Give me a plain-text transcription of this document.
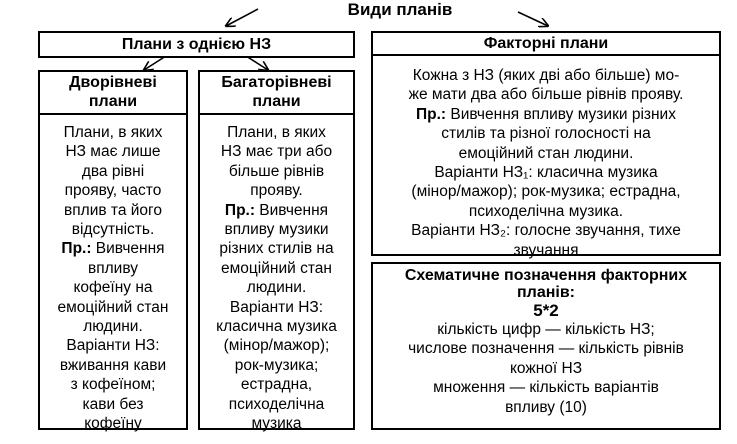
Види планів
Плани з однією НЗ
Дворівневі
плани
Плани, в яких
НЗ має лише
два рівні
прояву, часто
вплив та його
відсутність.
Пр.: Вивчення
впливу
кофеїну на
емоційний стан
людини.
Варіанти НЗ:
вживання кави
з кофеїном;
кави без
кофеїну
Багаторівневі
плани
Плани, в яких
НЗ має три або
більше рівнів
прояву.
Пр.: Вивчення
впливу музики
різних стилів на
емоційний стан
людини.
Варіанти НЗ:
класична музика
(мінор/мажор);
рок-музика;
естрадна,
психоделічна
музика
Факторні плани
Кожна з НЗ (яких дві або більше) мо-
же мати два або більше рівнів прояву.
Пр.: Вивчення впливу музики різних
стилів та різної голосності на
емоційний стан людини.
Варіанти НЗ₁: класична музика
(мінор/мажор); рок-музика; естрадна,
психоделічна музика.
Варіанти НЗ₂: голосне звучання, тихе
звучання
Схематичне позначення факторних
планів:
5*2
кількість цифр — кількість НЗ;
числове позначення — кількість рівнів
кожної НЗ
множення — кількість варіантів
впливу (10)
